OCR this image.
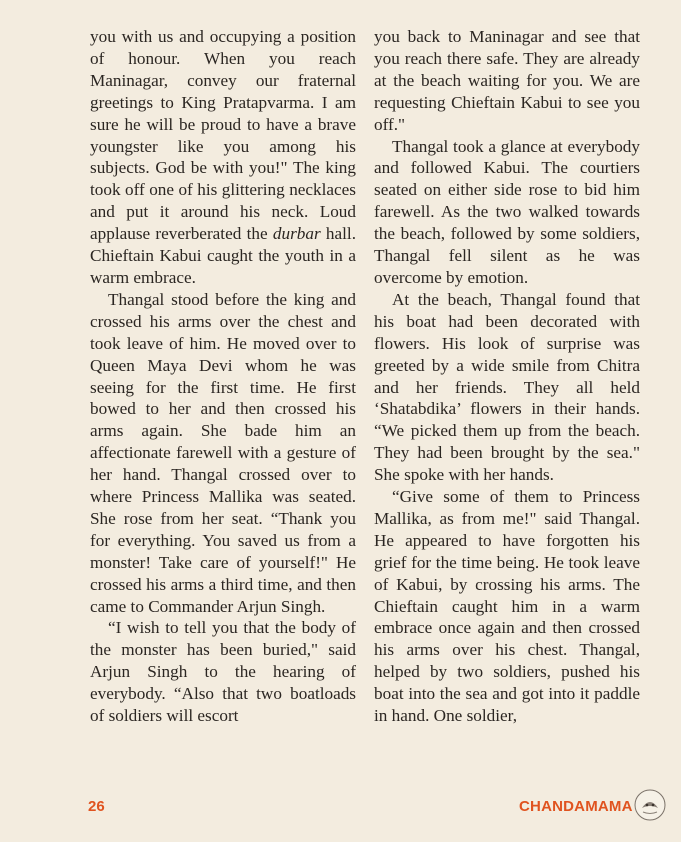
you with us and occupying a position of honour. When you reach Maninagar, convey our fraternal greetings to King Pratapvarma. I am sure he will be proud to have a brave youngster like you among his subjects. God be with you!" The king took off one of his glittering necklaces and put it around his neck. Loud applause reverberated the durbar hall. Chieftain Kabui caught the youth in a warm embrace.

Thangal stood before the king and crossed his arms over the chest and took leave of him. He moved over to Queen Maya Devi whom he was seeing for the first time. He first bowed to her and then crossed his arms again. She bade him an affectionate farewell with a gesture of her hand. Thangal crossed over to where Princess Mallika was seated. She rose from her seat. “Thank you for everything. You saved us from a monster! Take care of yourself!" He crossed his arms a third time, and then came to Commander Arjun Singh.

“I wish to tell you that the body of the monster has been buried," said Arjun Singh to the hearing of everybody. “Also that two boatloads of soldiers will escort

you back to Maninagar and see that you reach there safe. They are already at the beach waiting for you. We are requesting Chieftain Kabui to see you off."

Thangal took a glance at everybody and followed Kabui. The courtiers seated on either side rose to bid him farewell. As the two walked towards the beach, followed by some soldiers, Thangal fell silent as he was overcome by emotion.

At the beach, Thangal found that his boat had been decorated with flowers. His look of surprise was greeted by a wide smile from Chitra and her friends. They all held ‘Shatabdika’ flowers in their hands. “We picked them up from the beach. They had been brought by the sea." She spoke with her hands.

“Give some of them to Princess Mallika, as from me!" said Thangal. He appeared to have forgotten his grief for the time being. He took leave of Kabui, by crossing his arms. The Chieftain caught him in a warm embrace once again and then crossed his arms over his chest. Thangal, helped by two soldiers, pushed his boat into the sea and got into it paddle in hand. One soldier,

26	CHANDAMAMA
